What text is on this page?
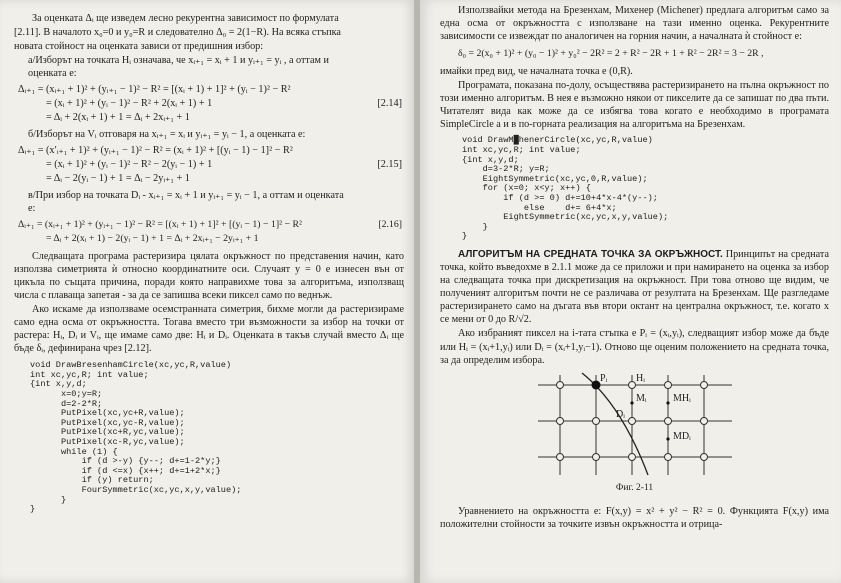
За оценката Δᵢ ще изведем лесно рекурентна зависимост по формулата

[2.11]. В началото x₀=0 и y₀=R и следователно Δ₀ = 2(1−R). На всяка стъпка

новата стойност на оценката зависи от предишния избор:

а/Изборът на точката Hᵢ означава, че xᵢ₊₁ = xᵢ + 1 и yᵢ₊₁ = yᵢ , а оттам и

оценката е:

Δᵢ₊₁ = (xᵢ₊₁ + 1)² + (yᵢ₊₁ − 1)² − R² = [(xᵢ + 1) + 1]² + (yᵢ − 1)² − R²
= (xᵢ + 1)² + (yᵢ − 1)² − R² + 2(xᵢ + 1) + 1	[2.14]
= Δᵢ + 2(xᵢ + 1) + 1 = Δᵢ + 2xᵢ₊₁ + 1

б/Изборът на Vᵢ отговаря на xᵢ₊₁ = xᵢ и yᵢ₊₁ = yᵢ − 1, а оценката е:

Δᵢ₊₁ = (x′ᵢ₊₁ + 1)² + (yᵢ₊₁ − 1)² − R² = (xᵢ + 1)² + [(yᵢ − 1) − 1]² − R²
= (xᵢ + 1)² + (yᵢ − 1)² − R² − 2(yᵢ − 1) + 1	[2.15]
= Δᵢ − 2(yᵢ − 1) + 1 = Δᵢ − 2yᵢ₊₁ + 1

в/При избор на точката Dᵢ - xᵢ₊₁ = xᵢ + 1 и yᵢ₊₁ = yᵢ − 1, а оттам и оценката

е:

Δᵢ₊₁ = (xᵢ₊₁ + 1)² + (yᵢ₊₁ − 1)² − R² = [(xᵢ + 1) + 1]² + [(yᵢ − 1) − 1]² − R²	[2.16]
= Δᵢ + 2(xᵢ + 1) − 2(yᵢ − 1) + 1 = Δᵢ + 2xᵢ₊₁ − 2yᵢ₊₁ + 1

Следващата програма растеризира цялата окръжност по представения начин, като използва симетрията ѝ относно координатните оси. Случаят y = 0 е изнесен вън от цикъла по същата причина, поради която направихме това за алгоритъма, използващ числа с плаваща запетая - за да се запишва всеки пиксел само по веднъж.

Ако искаме да използваме осемстранната симетрия, бихме могли да растеризираме само една осма от окръжността. Тогава вместо три възможности за избор на точки от растера: Hᵢ, Dᵢ и Vᵢ, ще имаме само две: Hᵢ и Dᵢ. Оценката в такъв случай вместо Δᵢ ще бъде δᵢ, дефинирана чрез [2.12].

void DrawBresenhamCircle(xc,yc,R,value)
int xc,yc,R; int value;
{int x,y,d;
x=0;y=R;
d=2-2*R;
PutPixel(xc,yc+R,value);
PutPixel(xc,yc-R,value);
PutPixel(xc+R,yc,value);
PutPixel(xc-R,yc,value);
while (1) {
if (d >-y) {y--; d+=1-2*y;}
if (d <=x) {x++; d+=1+2*x;}
if (y) return;
FourSymmetric(xc,yc,x,y,value);
}
}

Използвайки метода на Брезенхам, Михенер (Michener) предлага алгоритъм само за една осма от окръжността с използване на тази именно оценка. Рекурентните зависимости се извеждат по аналогичен на горния начин, а началната ѝ стойност е:

δ₀ = 2(x₀ + 1)² + (y₀ − 1)² + y₀² − 2R² = 2 + R² − 2R + 1 + R² − 2R² = 3 − 2R ,

имайки пред вид, че началната точка е (0,R).

Програмата, показана по-долу, осъществява растеризирането на пълна окръжност по този именно алгоритъм. В нея е възможно някои от пикселите да се запишат по два пъти. Читателят вида как може да се избягва това когато е необходимо в програмата SimpleCircle а и в по-горната реализация на алгоритъма на Брезенхам.

void DrawM█henerCircle(xc,yc,R,value)
int xc,yc,R; int value;
{int x,y,d;
d=3-2*R; y=R;
EightSymmetric(xc,yc,0,R,value);
for (x=0; x<y; x++) {
if (d >= 0) d+=10+4*x-4*(y--);
else    d+= 6+4*x;
EightSymmetric(xc,yc,x,y,value);
}
}

АЛГОРИТЪМ НА СРЕДНАТА ТОЧКА ЗА ОКРЪЖНОСТ. Принципът на средната точка, който въведохме в 2.1.1 може да се приложи и при намирането на оценка за избор на следващата точка при дискретизация на окръжност. При това отново ще видим, че полученият алгоритъм почти не се различава от резултата на Брезенхам. Ще разгледаме растеризирането само на дъгата във втори октант на централна окръжност, т.е. когато x се мени от 0 до R/√2.

Ако избраният пиксел на i-тата стъпка е Pᵢ = (xᵢ,yᵢ), следващият избор може да бъде или Hᵢ = (xᵢ+1,yᵢ) или Dᵢ = (xᵢ+1,yᵢ−1). Отново ще оценим положението на средната точка, за да определим избора.

Pᵢ	Hᵢ
Mᵢ
Dᵢ
MHᵢ
MDᵢ

Фиг. 2-11

Уравнението на окръжността е: F(x,y) = x² + y² − R² = 0. Функцията F(x,y) има положителни стойности за точките извън окръжността и отрица-
